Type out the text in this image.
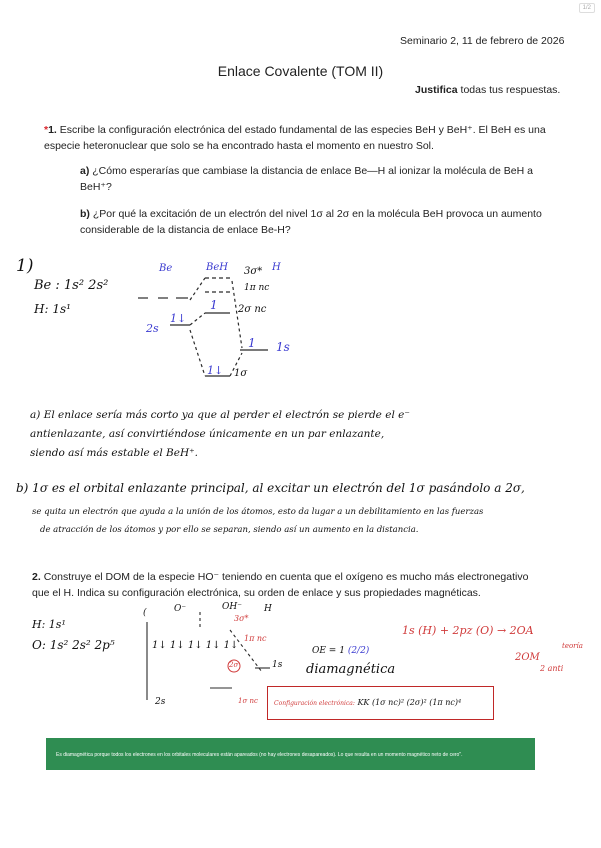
1/2
Seminario 2, 11 de febrero de 2026
Enlace Covalente (TOM II)
Justifica todas tus respuestas.
*1. Escribe la configuración electrónica del estado fundamental de las especies BeH y BeH⁺. El BeH es una
especie heteronuclear que solo se ha encontrado hasta el momento en nuestro Sol.
a) ¿Cómo esperarías que cambiase la distancia de enlace Be—H al ionizar la molécula de BeH a
BeH⁺?
b) ¿Por qué la excitación de un electrón del nivel 1σ al 2σ en la molécula BeH provoca un aumento
considerable de la distancia de enlace Be-H?
1)
Be : 1s² 2s²
H: 1s¹
Be	BeH 3σ* H
1π nc
2σ nc
1
2s
1↓
1 1s
1↓ 1σ
a) El enlace sería más corto ya que al perder el electrón se pierde el e⁻
antienlazante, así convirtiéndose únicamente en un par enlazante,
siendo así más estable el BeH⁺.
b) 1σ es el orbital enlazante principal, al excitar un electrón del 1σ pasándolo a 2σ,
se quita un electrón que ayuda a la unión de los átomos, esto da lugar a un debilitamiento en las fuerzas
de atracción de los átomos y por ello se separan, siendo así un aumento en la distancia.
2. Construye el DOM de la especie HO⁻ teniendo en cuenta que el oxígeno es mucho más electronegativo
que el H. Indica su configuración electrónica, su orden de enlace y sus propiedades magnéticas.
H: 1s¹
O: 1s² 2s² 2p⁵
(	O⁻	OH⁻ H
3σ*
1π nc
1↓ 1↓ 1↓ 1↓ 1↓
2σ	1s
2s	1σ nc
OE = 1 (2/2)
diamagnética
1s (H) + 2pz (O) → 2OA
2OM
teoría
2 anti
Configuración electrónica: KK (1σ nc)² (2σ)² (1π nc)⁴
Es diamagnética porque todos los electrones en los orbitales moleculares están apareados (no hay electrones desapareados). Lo que resulta en un momento magnético neto de cero".
